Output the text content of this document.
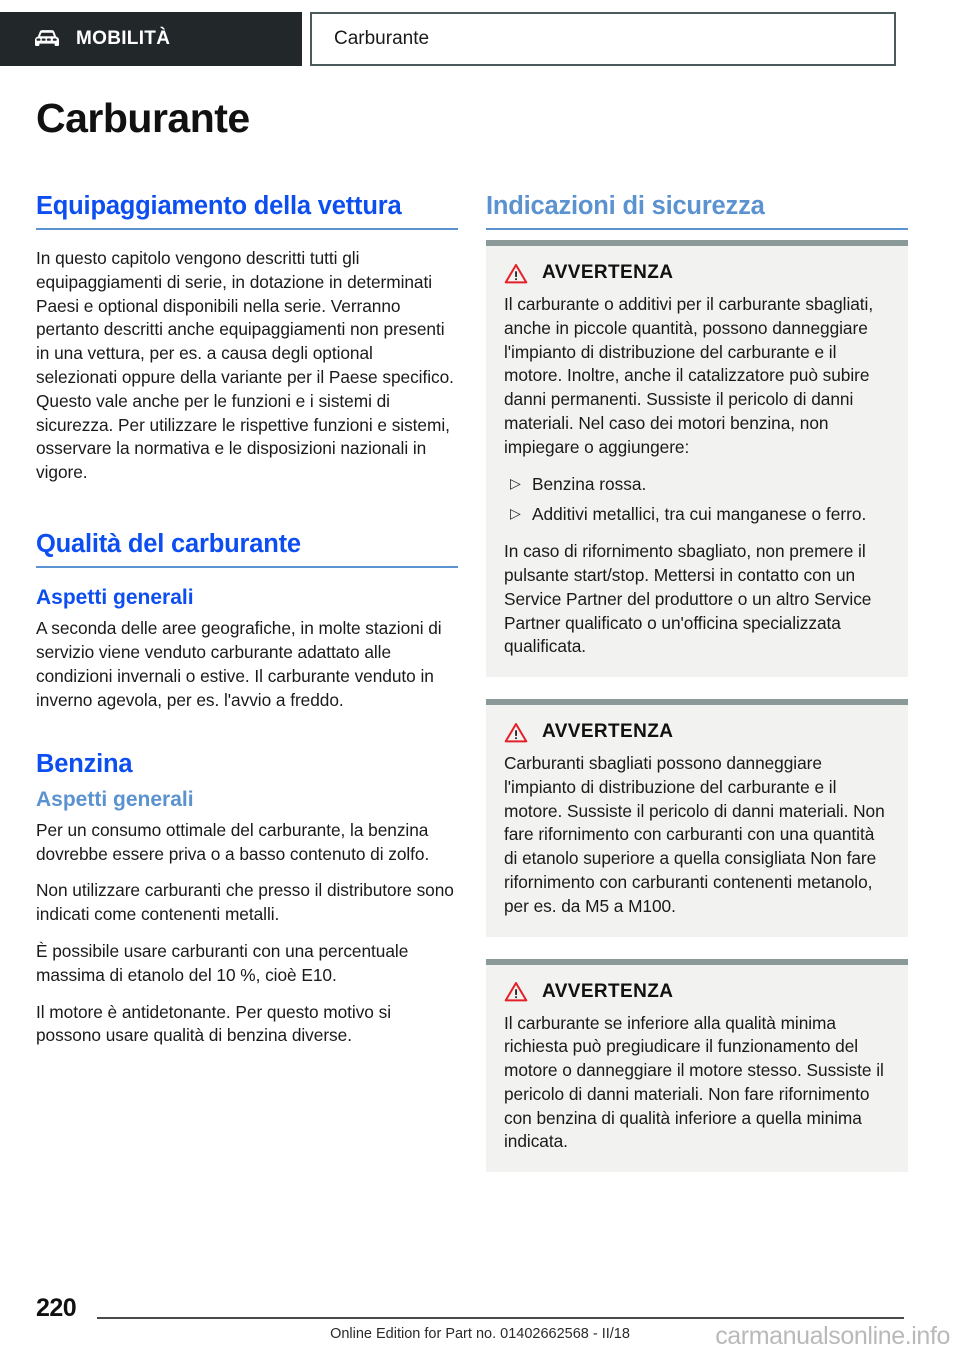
MOBILITÀ	Carburante
Carburante
Equipaggiamento della vettura

In questo capitolo vengono descritti tutti gli equipaggiamenti di serie, in dotazione in determinati Paesi e optional disponibili nella serie. Verranno pertanto descritti anche equipaggiamenti non presenti in una vettura, per es. a causa degli optional selezionati oppure della variante per il Paese specifico. Questo vale anche per le funzioni e i sistemi di sicurezza. Per utilizzare le rispettive funzioni e sistemi, osservare la normativa e le disposizioni nazionali in vigore.

Qualità del carburante
Aspetti generali

A seconda delle aree geografiche, in molte stazioni di servizio viene venduto carburante adattato alle condizioni invernali o estive. Il carburante venduto in inverno agevola, per es. l'avvio a freddo.

Benzina
Aspetti generali

Per un consumo ottimale del carburante, la benzina dovrebbe essere priva o a basso contenuto di zolfo.

Non utilizzare carburanti che presso il distributore sono indicati come contenenti metalli.

È possibile usare carburanti con una percentuale massima di etanolo del 10 %, cioè E10.

Il motore è antidetonante. Per questo motivo si possono usare qualità di benzina diverse.

Indicazioni di sicurezza
AVVERTENZA

Il carburante o additivi per il carburante sbagliati, anche in piccole quantità, possono danneggiare l'impianto di distribuzione del carburante e il motore. Inoltre, anche il catalizzatore può subire danni permanenti. Sussiste il pericolo di danni materiali. Nel caso dei motori benzina, non impiegare o aggiungere:

▷ Benzina rossa.
▷ Additivi metallici, tra cui manganese o ferro.

In caso di rifornimento sbagliato, non premere il pulsante start/stop. Mettersi in contatto con un Service Partner del produttore o un altro Service Partner qualificato o un'officina specializzata qualificata.

AVVERTENZA

Carburanti sbagliati possono danneggiare l'impianto di distribuzione del carburante e il motore. Sussiste il pericolo di danni materiali. Non fare rifornimento con carburanti con una quantità di etanolo superiore a quella consigliata Non fare rifornimento con carburanti contenenti metanolo, per es. da M5 a M100.

AVVERTENZA

Il carburante se inferiore alla qualità minima richiesta può pregiudicare il funzionamento del motore o danneggiare il motore stesso. Sussiste il pericolo di danni materiali. Non fare rifornimento con benzina di qualità inferiore a quella minima indicata.

220
Online Edition for Part no. 01402662568 - II/18	carmanualsonline.info
